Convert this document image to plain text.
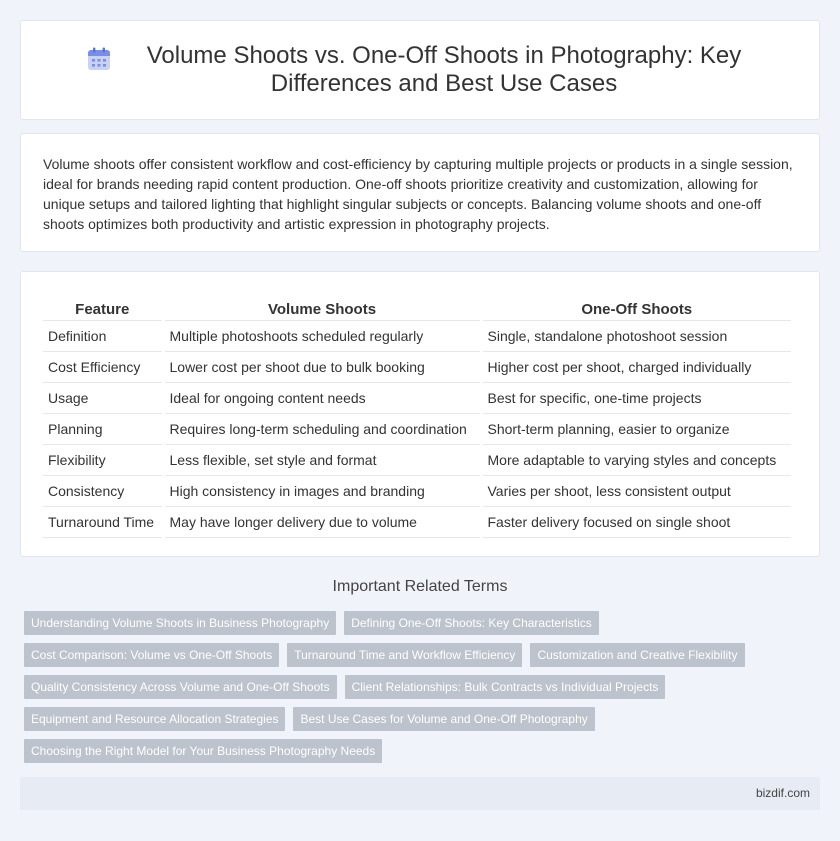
Volume Shoots vs. One-Off Shoots in Photography: Key Differences and Best Use Cases

Volume shoots offer consistent workflow and cost-efficiency by capturing multiple projects or products in a single session, ideal for brands needing rapid content production. One-off shoots prioritize creativity and customization, allowing for unique setups and tailored lighting that highlight singular subjects or concepts. Balancing volume shoots and one-off shoots optimizes both productivity and artistic expression in photography projects.

Feature	Volume Shoots	One-Off Shoots
Definition	Multiple photoshoots scheduled regularly	Single, standalone photoshoot session
Cost Efficiency	Lower cost per shoot due to bulk booking	Higher cost per shoot, charged individually
Usage	Ideal for ongoing content needs	Best for specific, one-time projects
Planning	Requires long-term scheduling and coordination	Short-term planning, easier to organize
Flexibility	Less flexible, set style and format	More adaptable to varying styles and concepts
Consistency	High consistency in images and branding	Varies per shoot, less consistent output
Turnaround Time	May have longer delivery due to volume	Faster delivery focused on single shoot
Important Related Terms
Understanding Volume Shoots in Business Photography	Defining One-Off Shoots: Key Characteristics
Cost Comparison: Volume vs One-Off Shoots	Turnaround Time and Workflow Efficiency	Customization and Creative Flexibility
Quality Consistency Across Volume and One-Off Shoots	Client Relationships: Bulk Contracts vs Individual Projects
Equipment and Resource Allocation Strategies	Best Use Cases for Volume and One-Off Photography
Choosing the Right Model for Your Business Photography Needs
bizdif.com
